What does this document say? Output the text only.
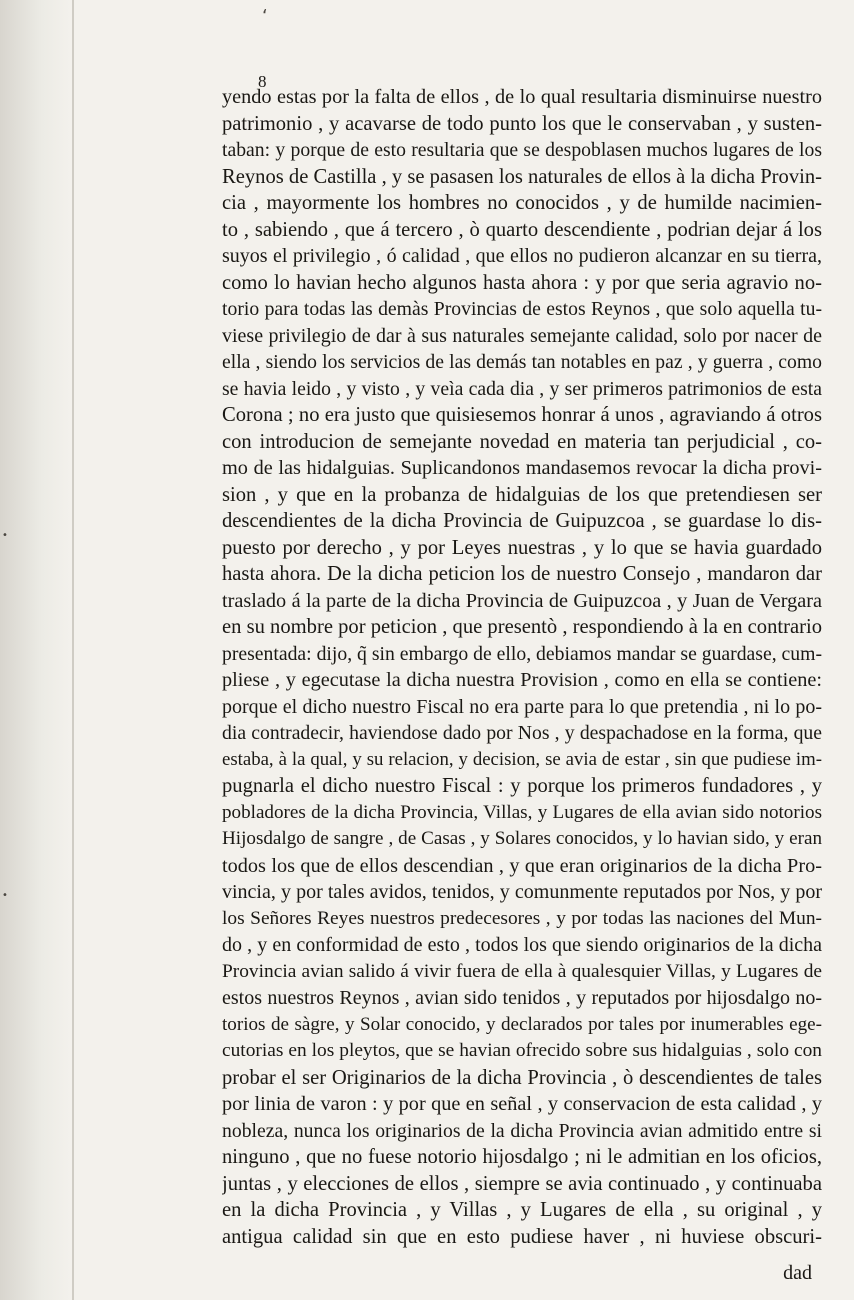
‘
•
•
8
yendo estas por la falta de ellos , de lo qual resultaria disminuirse nuestro
patrimonio , y acavarse de todo punto los que le conservaban , y susten-
taban: y porque de esto resultaria que se despoblasen muchos lugares de los
Reynos de Castilla , y se pasasen los naturales de ellos à la dicha Provin-
cia , mayormente los hombres no conocidos , y de humilde nacimien-
to , sabiendo , que á tercero , ò quarto descendiente , podrian dejar á los
suyos el privilegio , ó calidad , que ellos no pudieron alcanzar en su tierra,
como lo havian hecho algunos hasta ahora : y por que seria agravio no-
torio para todas las demàs Provincias de estos Reynos , que solo aquella tu-
viese privilegio de dar à sus naturales semejante calidad, solo por nacer de
ella , siendo los servicios de las demás tan notables en paz , y guerra , como
se havia leido , y visto , y veìa cada dia , y ser primeros patrimonios de esta
Corona ; no era justo que quisiesemos honrar á unos , agraviando á otros
con introducion de semejante novedad en materia tan perjudicial , co-
mo de las hidalguias. Suplicandonos mandasemos revocar la dicha provi-
sion , y que en la probanza de hidalguias de los que pretendiesen ser
descendientes de la dicha Provincia de Guipuzcoa , se guardase lo dis-
puesto por derecho , y por Leyes nuestras , y lo que se havia guardado
hasta ahora. De la dicha peticion los de nuestro Consejo , mandaron dar
traslado á la parte de la dicha Provincia de Guipuzcoa , y Juan de Vergara
en su nombre por peticion , que presentò , respondiendo à la en contrario
presentada: dijo, q̃ sin embargo de ello, debiamos mandar se guardase, cum-
pliese , y egecutase la dicha nuestra Provision , como en ella se contiene:
porque el dicho nuestro Fiscal no era parte para lo que pretendia , ni lo po-
dia contradecir, haviendose dado por Nos , y despachadose en la forma, que
estaba, à la qual, y su relacion, y decision, se avia de estar , sin que pudiese im-
pugnarla el dicho nuestro Fiscal : y porque los primeros fundadores , y
pobladores de la dicha Provincia, Villas, y Lugares de ella avian sido notorios
Hijosdalgo de sangre , de Casas , y Solares conocidos, y lo havian sido, y eran
todos los que de ellos descendian , y que eran originarios de la dicha Pro-
vincia, y por tales avidos, tenidos, y comunmente reputados por Nos, y por
los Señores Reyes nuestros predecesores , y por todas las naciones del Mun-
do , y en conformidad de esto , todos los que siendo originarios de la dicha
Provincia avian salido á vivir fuera de ella à qualesquier Villas, y Lugares de
estos nuestros Reynos , avian sido tenidos , y reputados por hijosdalgo no-
torios de sàgre, y Solar conocido, y declarados por tales por inumerables ege-
cutorias en los pleytos, que se havian ofrecido sobre sus hidalguias , solo con
probar el ser Originarios de la dicha Provincia , ò descendientes de tales
por linia de varon : y por que en señal , y conservacion de esta calidad , y
nobleza, nunca los originarios de la dicha Provincia avian admitido entre si
ninguno , que no fuese notorio hijosdalgo ; ni le admitian en los oficios,
juntas , y elecciones de ellos , siempre se avia continuado , y continuaba
en la dicha Provincia , y Villas , y Lugares de ella , su original , y
antigua calidad sin que en esto pudiese haver , ni huviese obscuri-
dad
